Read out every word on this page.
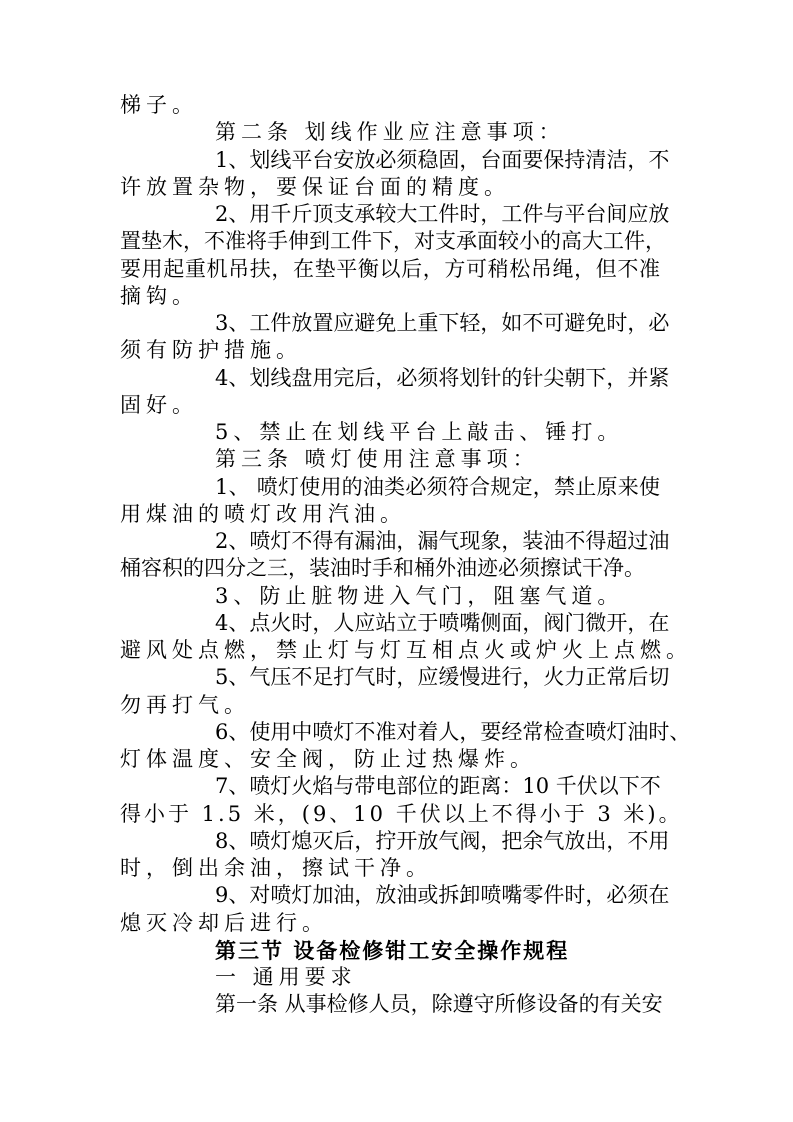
梯子。
第二条 划线作业应注意事项：
1、划线平台安放必须稳固，台面要保持清洁，不
许放置杂物，要保证台面的精度。
2、用千斤顶支承较大工件时，工件与平台间应放
置垫木，不准将手伸到工件下，对支承面较小的高大工件，
要用起重机吊扶，在垫平衡以后，方可稍松吊绳，但不准
摘钩。
3、工件放置应避免上重下轻，如不可避免时，必
须有防护措施。
4、划线盘用完后，必须将划针的针尖朝下，并紧
固好。
5、禁止在划线平台上敲击、锤打。
第三条 喷灯使用注意事项：
1、 喷灯使用的油类必须符合规定，禁止原来使
用煤油的喷灯改用汽油。
2、喷灯不得有漏油，漏气现象，装油不得超过油
桶容积的四分之三，装油时手和桶外油迹必须擦试干净。
3、防止脏物进入气门，阻塞气道。
4、点火时，人应站立于喷嘴侧面，阀门微开，在
避风处点燃，禁止灯与灯互相点火或炉火上点燃。
5、气压不足打气时，应缓慢进行，火力正常后切
勿再打气。
6、使用中喷灯不准对着人，要经常检查喷灯油时、
灯体温度、安全阀，防止过热爆炸。
7、喷灯火焰与带电部位的距离：10 千伏以下不
得小于 1.5 米，(9、10 千伏以上不得小于 3 米)。
8、喷灯熄灭后，拧开放气阀，把余气放出，不用
时，倒出余油，擦试干净。
9、对喷灯加油，放油或拆卸喷嘴零件时，必须在
熄灭冷却后进行。
第三节 设备检修钳工安全操作规程
一 通用要求
第一条 从事检修人员，除遵守所修设备的有关安
